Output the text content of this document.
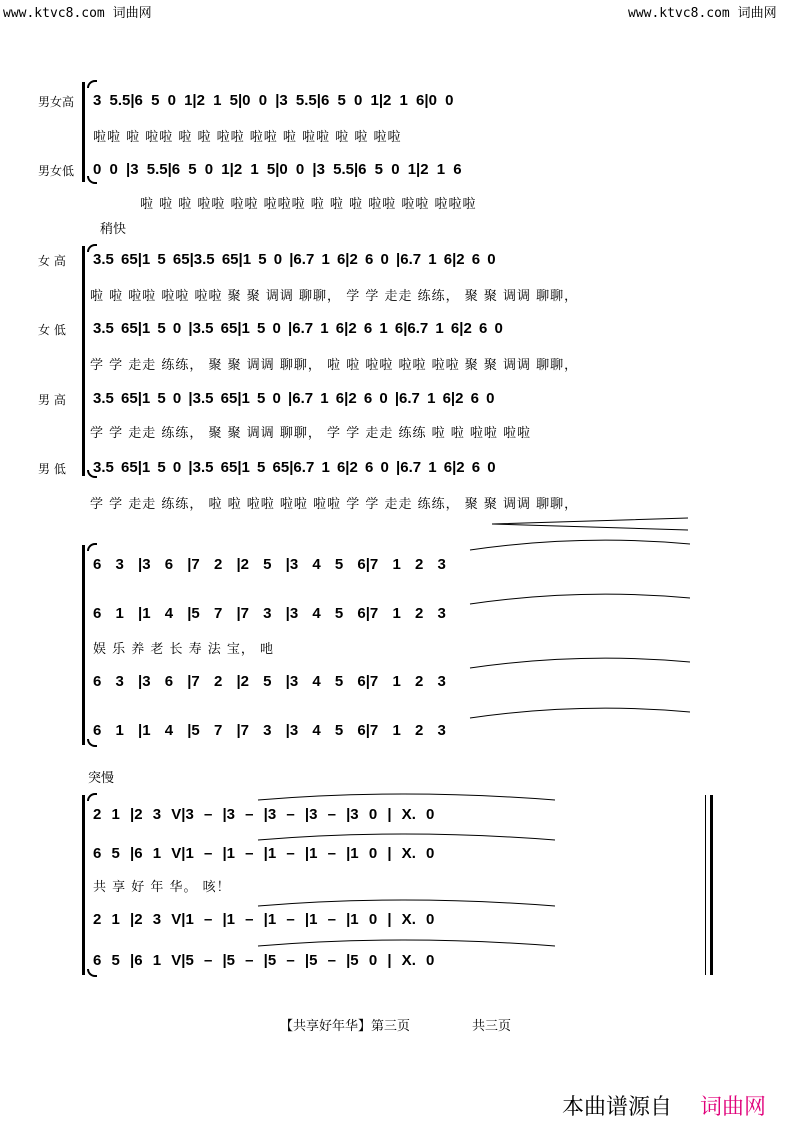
www.ktvc8.com 词曲网	www.ktvc8.com 词曲网
男女高 3 5.5|6 5 0 1|2 1 5|0 0 |3 5.5|6 5 0 1|2 1 6|0 0
啦啦 啦 啦啦 啦 啦 啦啦 啦啦 啦 啦啦 啦 啦 啦啦
男女低 0 0 |3 5.5|6 5 0 1|2 1 5|0 0 |3 5.5|6 5 0 1|2 1 6
啦 啦 啦 啦啦 啦啦 啦啦啦 啦 啦 啦 啦啦 啦啦 啦啦啦
稍快
女 高 3.5 65|1 5 65|3.5 65|1 5 0 |6.7 1 6|2 6 0 |6.7 1 6|2 6 0
啦 啦 啦啦 啦啦 啦啦 聚 聚 调调 聊聊， 学 学 走走 练练， 聚 聚 调调 聊聊，
女 低 3.5 65|1 5 0 |3.5 65|1 5 0 |6.7 1 6|2 6 1 6|6.7 1 6|2 6 0
学 学 走走 练练， 聚 聚 调调 聊聊， 啦 啦 啦啦 啦啦 啦啦 聚 聚 调调 聊聊，
男 高 3.5 65|1 5 0 |3.5 65|1 5 0 |6.7 1 6|2 6 0 |6.7 1 6|2 6 0
学 学 走走 练练， 聚 聚 调调 聊聊， 学 学 走走 练练 啦 啦 啦啦 啦啦
男 低 3.5 65|1 5 0 |3.5 65|1 5 65|6.7 1 6|2 6 0 |6.7 1 6|2 6 0
学 学 走走 练练， 啦 啦 啦啦 啦啦 啦啦 学 学 走走 练练， 聚 聚 调调 聊聊，
6 3 |3 6 |7 2 |2 5 |3 4 5 6|7 1 2 3
6 1 |1 4 |5 7 |7 3 |3 4 5 6|7 1 2 3
娱 乐 养 老 长 寿 法 宝， 吔
6 3 |3 6 |7 2 |2 5 |3 4 5 6|7 1 2 3
6 1 |1 4 |5 7 |7 3 |3 4 5 6|7 1 2 3
突慢
2 1 |2 3 V|3 – |3 – |3 – |3 – |3 0 | X. 0
6 5 |6 1 V|1 – |1 – |1 – |1 – |1 0 | X. 0
共 享 好 年 华。 咳！
2 1 |2 3 V|1 – |1 – |1 – |1 – |1 0 | X. 0
6 5 |6 1 V|5 – |5 – |5 – |5 – |5 0 | X. 0
【共享好年华】第三页	共三页
本曲谱源自 词曲网
